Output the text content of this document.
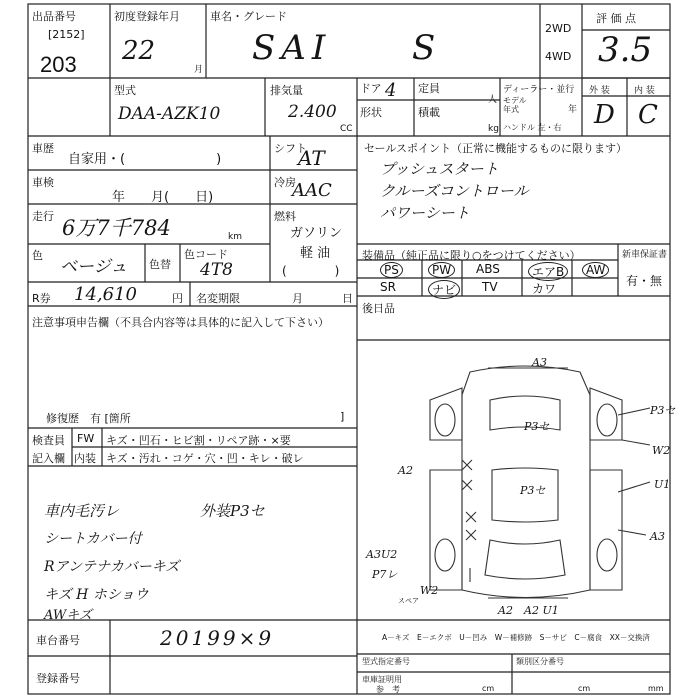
出品番号
[2152]
203
初度登録年月
22
月
車名・グレード
SAI S	2WD
4WD
評 価 点
3.5
外 装	内 装
D C
型式
DAA-AZK10
排気量
2.400
CC
ドア 4
形状
定員
人
積載
kg
ディーラー・並行
モデル
年式	年
ハンドル 左・右
車歴
自家用・(　　　　　　　)
シフト
AT
車検
年　　月(　　日)
冷房
AAC
走行 6万7千784	km
燃料
ガソリン
軽 油
(　　　　)
色
ベージュ 色替
色コード
4T8
R券 14,610	円 名変期限	月	日
注意事項申告欄（不具合内容等は具体的に記入して下さい）
修復歴　有 [箇所	]
セールスポイント（正常に機能するものに限ります）
プッシュスタート
クルーズコントロール
パワーシート
装備品（純正品に限り○をつけてください）	新車保証書
有・無
PS	PW	ABS	エアB	AW
SR	ナビ	TV	カワ
後日品
検査員
記入欄
FW キズ・凹石・ヒビ割・リペア跡・×要
内装 キズ・汚れ・コゲ・穴・凹・キレ・破レ
車内毛汚レ	外装P3セ
シートカバー付
Rアンテナカバーキズ
キズ H ホショウ
AWキズ
A3
P3セ
P3セ
P3セ
A2
W2
U1
A3
A3U2
P7レ
W2
A2 A2 U1
スペア
A－キズ　E－エクボ　U－凹み　W－補修跡　S－サビ　C－腐食　XX－交換済
車台番号	20199×9
登録番号
型式指定番号	類別区分番号
車庫証明用
参　考	cm	cm	mm
